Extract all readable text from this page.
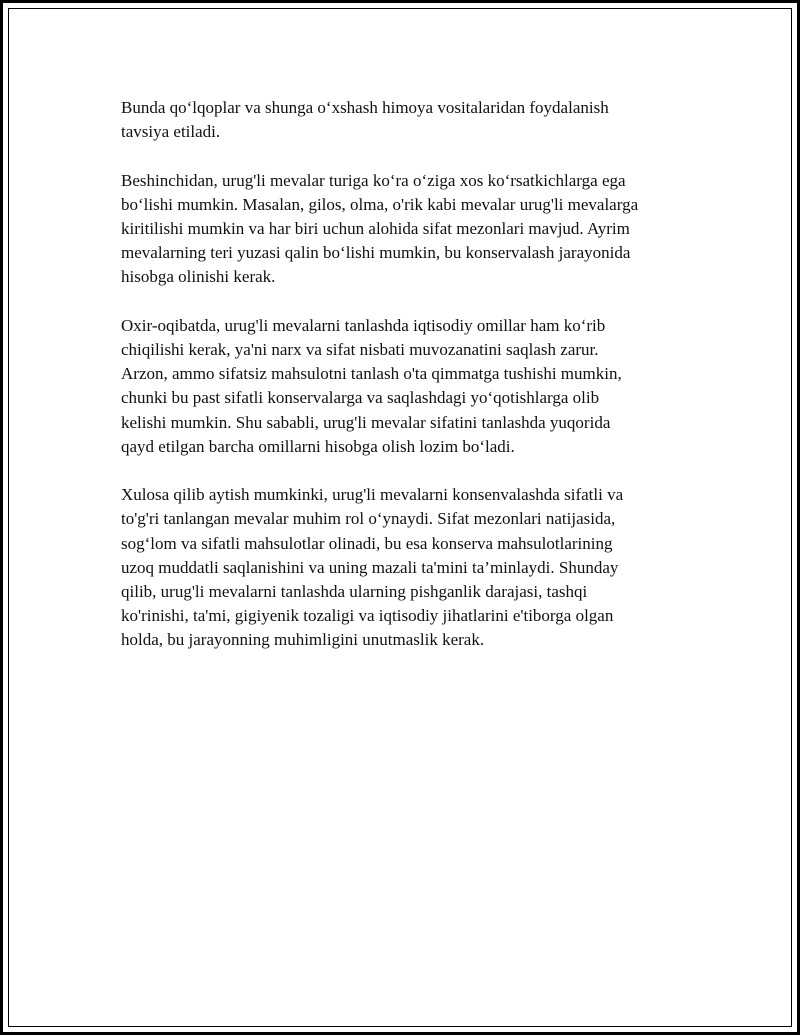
Bunda qo‘lqoplar va shunga o‘xshash himoya vositalaridan foydalanish
tavsiya etiladi.

Beshinchidan, urug'li mevalar turiga ko‘ra o‘ziga xos ko‘rsatkichlarga ega
bo‘lishi mumkin. Masalan, gilos, olma, o'rik kabi mevalar urug'li mevalarga
kiritilishi mumkin va har biri uchun alohida sifat mezonlari mavjud. Ayrim
mevalarning teri yuzasi qalin bo‘lishi mumkin, bu konservalash jarayonida
hisobga olinishi kerak.

Oxir-oqibatda, urug'li mevalarni tanlashda iqtisodiy omillar ham ko‘rib
chiqilishi kerak, ya'ni narx va sifat nisbati muvozanatini saqlash zarur.
Arzon, ammo sifatsiz mahsulotni tanlash o'ta qimmatga tushishi mumkin,
chunki bu past sifatli konservalarga va saqlashdagi yo‘qotishlarga olib
kelishi mumkin. Shu sababli, urug'li mevalar sifatini tanlashda yuqorida
qayd etilgan barcha omillarni hisobga olish lozim bo‘ladi.

Xulosa qilib aytish mumkinki, urug'li mevalarni konsenvalashda sifatli va
to'g'ri tanlangan mevalar muhim rol o‘ynaydi. Sifat mezonlari natijasida,
sog‘lom va sifatli mahsulotlar olinadi, bu esa konserva mahsulotlarining
uzoq muddatli saqlanishini va uning mazali ta'mini ta’minlaydi. Shunday
qilib, urug'li mevalarni tanlashda ularning pishganlik darajasi, tashqi
ko'rinishi, ta'mi, gigiyenik tozaligi va iqtisodiy jihatlarini e'tiborga olgan
holda, bu jarayonning muhimligini unutmaslik kerak.
